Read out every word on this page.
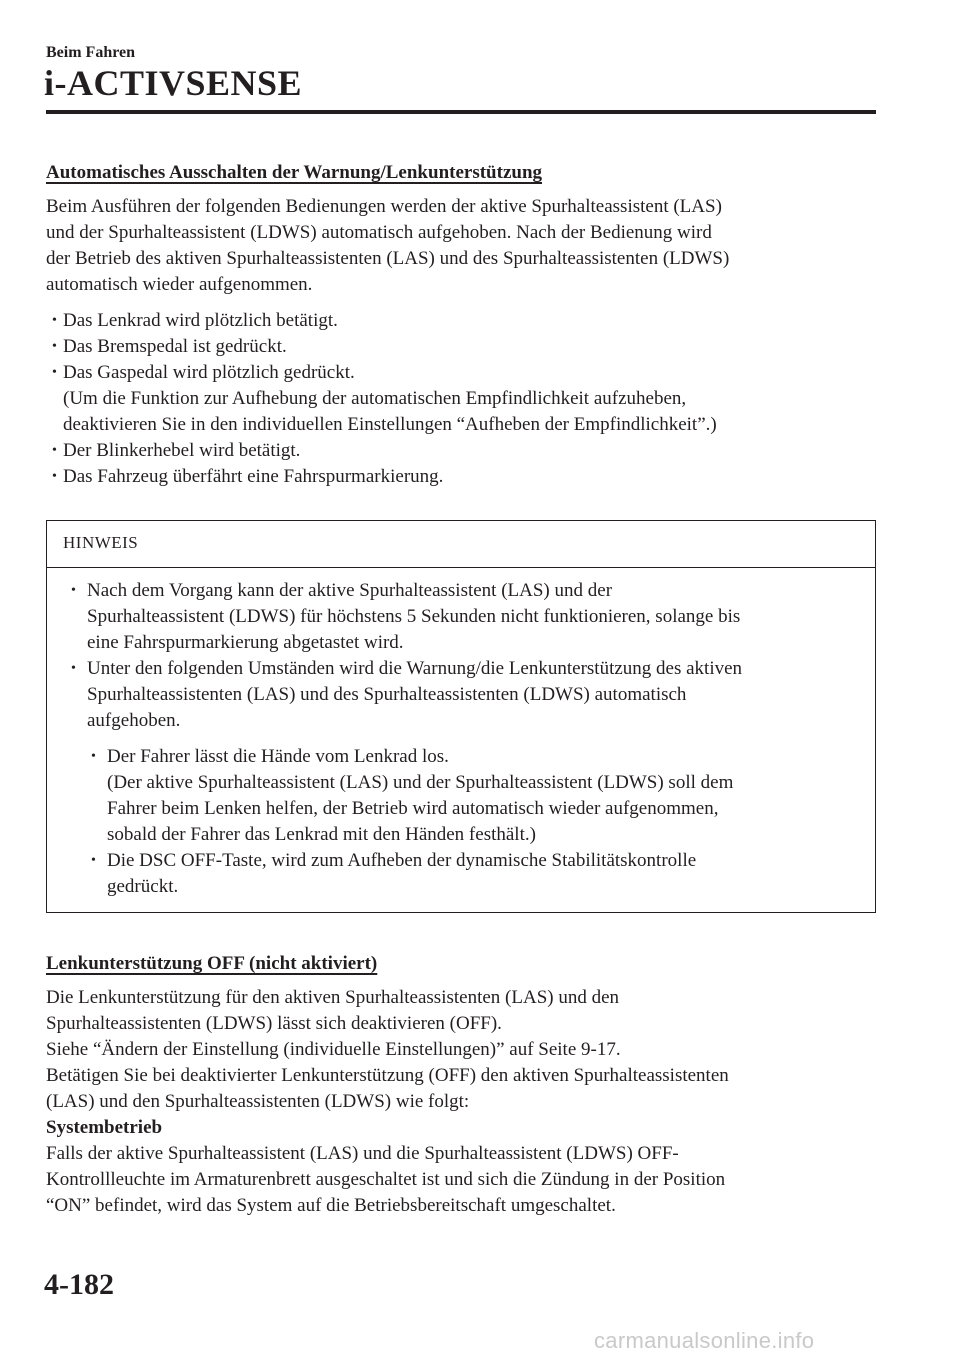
Beim Fahren
i-ACTIVSENSE
Automatisches Ausschalten der Warnung/Lenkunterstützung

Beim Ausführen der folgenden Bedienungen werden der aktive Spurhalteassistent (LAS)
und der Spurhalteassistent (LDWS) automatisch aufgehoben. Nach der Bedienung wird
der Betrieb des aktiven Spurhalteassistenten (LAS) und des Spurhalteassistenten (LDWS)
automatisch wieder aufgenommen.

• Das Lenkrad wird plötzlich betätigt.
• Das Bremspedal ist gedrückt.
• Das Gaspedal wird plötzlich gedrückt.
(Um die Funktion zur Aufhebung der automatischen Empfindlichkeit aufzuheben,
deaktivieren Sie in den individuellen Einstellungen “Aufheben der Empfindlichkeit”.)
• Der Blinkerhebel wird betätigt.
• Das Fahrzeug überfährt eine Fahrspurmarkierung.
HINWEIS
• Nach dem Vorgang kann der aktive Spurhalteassistent (LAS) und der
Spurhalteassistent (LDWS) für höchstens 5 Sekunden nicht funktionieren, solange bis
eine Fahrspurmarkierung abgetastet wird.
• Unter den folgenden Umständen wird die Warnung/die Lenkunterstützung des aktiven
Spurhalteassistenten (LAS) und des Spurhalteassistenten (LDWS) automatisch
aufgehoben.
• Der Fahrer lässt die Hände vom Lenkrad los.
(Der aktive Spurhalteassistent (LAS) und der Spurhalteassistent (LDWS) soll dem
Fahrer beim Lenken helfen, der Betrieb wird automatisch wieder aufgenommen,
sobald der Fahrer das Lenkrad mit den Händen festhält.)
• Die DSC OFF-Taste, wird zum Aufheben der dynamische Stabilitätskontrolle
gedrückt.
Lenkunterstützung OFF (nicht aktiviert)

Die Lenkunterstützung für den aktiven Spurhalteassistenten (LAS) und den
Spurhalteassistenten (LDWS) lässt sich deaktivieren (OFF).
Siehe “Ändern der Einstellung (individuelle Einstellungen)” auf Seite 9-17.
Betätigen Sie bei deaktivierter Lenkunterstützung (OFF) den aktiven Spurhalteassistenten
(LAS) und den Spurhalteassistenten (LDWS) wie folgt:

Systembetrieb

Falls der aktive Spurhalteassistent (LAS) und die Spurhalteassistent (LDWS) OFF-
Kontrollleuchte im Armaturenbrett ausgeschaltet ist und sich die Zündung in der Position
“ON” befindet, wird das System auf die Betriebsbereitschaft umgeschaltet.

4-182
carmanualsonline.info
